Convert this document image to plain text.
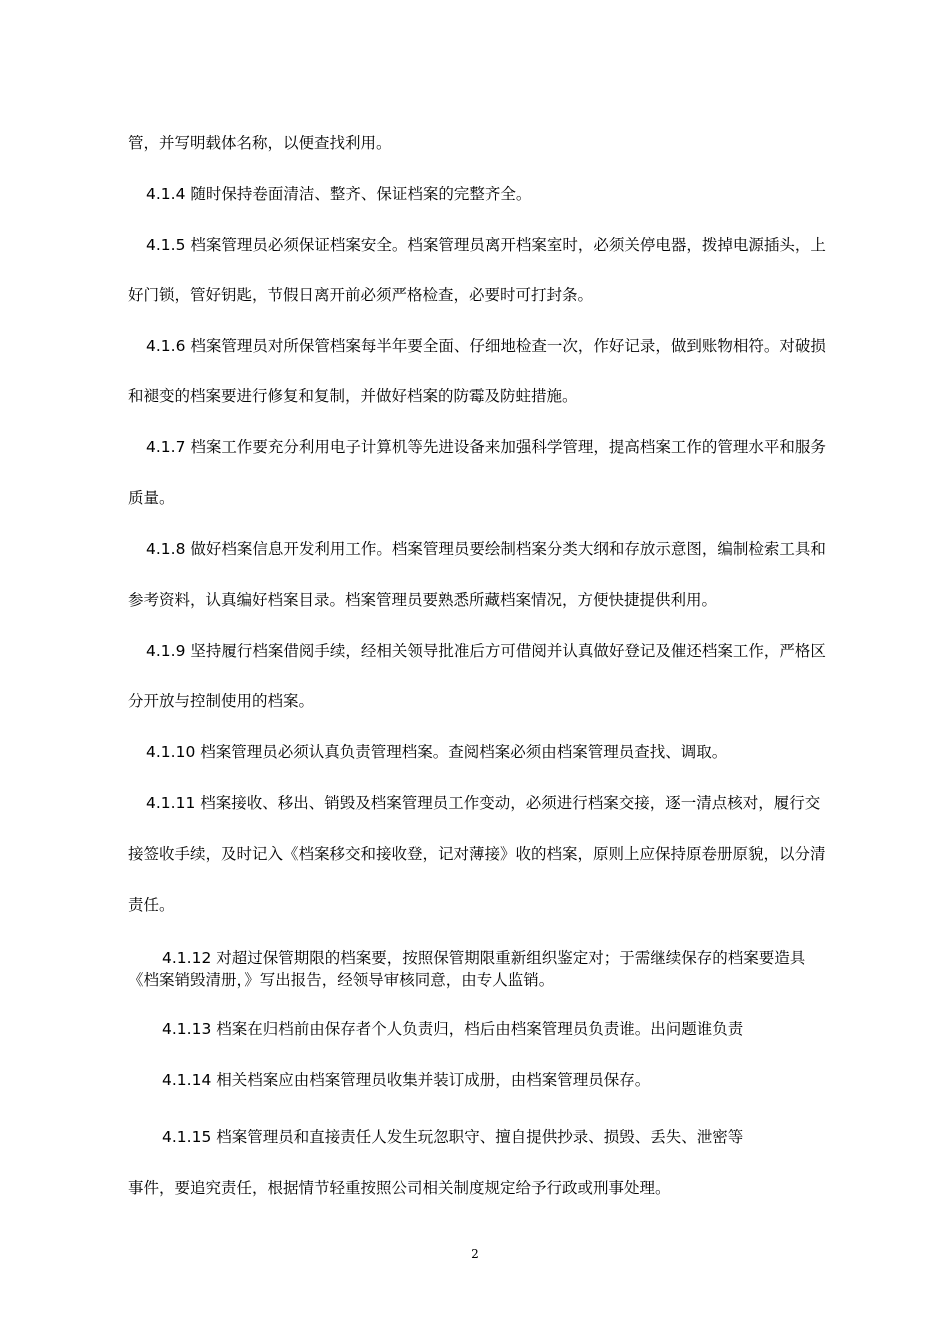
管，并写明载体名称，以便查找利用。

4.1.4 随时保持卷面清洁、整齐、保证档案的完整齐全。

4.1.5 档案管理员必须保证档案安全。档案管理员离开档案室时，必须关停电器，拨掉电源插头，上

好门锁，管好钥匙，节假日离开前必须严格检查，必要时可打封条。

4.1.6 档案管理员对所保管档案每半年要全面、仔细地检查一次，作好记录，做到账物相符。对破损

和褪变的档案要进行修复和复制，并做好档案的防霉及防蛀措施。

4.1.7 档案工作要充分利用电子计算机等先进设备来加强科学管理，提高档案工作的管理水平和服务

质量。

4.1.8 做好档案信息开发利用工作。档案管理员要绘制档案分类大纲和存放示意图，编制检索工具和

参考资料，认真编好档案目录。档案管理员要熟悉所藏档案情况，方便快捷提供利用。

4.1.9 坚持履行档案借阅手续，经相关领导批准后方可借阅并认真做好登记及催还档案工作，严格区

分开放与控制使用的档案。

4.1.10 档案管理员必须认真负责管理档案。查阅档案必须由档案管理员查找、调取。

4.1.11 档案接收、移出、销毁及档案管理员工作变动，必须进行档案交接，逐一清点核对，履行交

接签收手续，及时记入《档案移交和接收登，记对薄接》收的档案，原则上应保持原卷册原貌，以分清

责任。

4.1.12 对超过保管期限的档案要，按照保管期限重新组织鉴定对；于需继续保存的档案要造具

《档案销毁清册，》写出报告，经领导审核同意，由专人监销。

4.1.13 档案在归档前由保存者个人负责归，档后由档案管理员负责谁。出问题谁负责

4.1.14 相关档案应由档案管理员收集并装订成册，由档案管理员保存。

4.1.15 档案管理员和直接责任人发生玩忽职守、擅自提供抄录、损毁、丢失、泄密等

事件，要追究责任，根据情节轻重按照公司相关制度规定给予行政或刑事处理。

2
